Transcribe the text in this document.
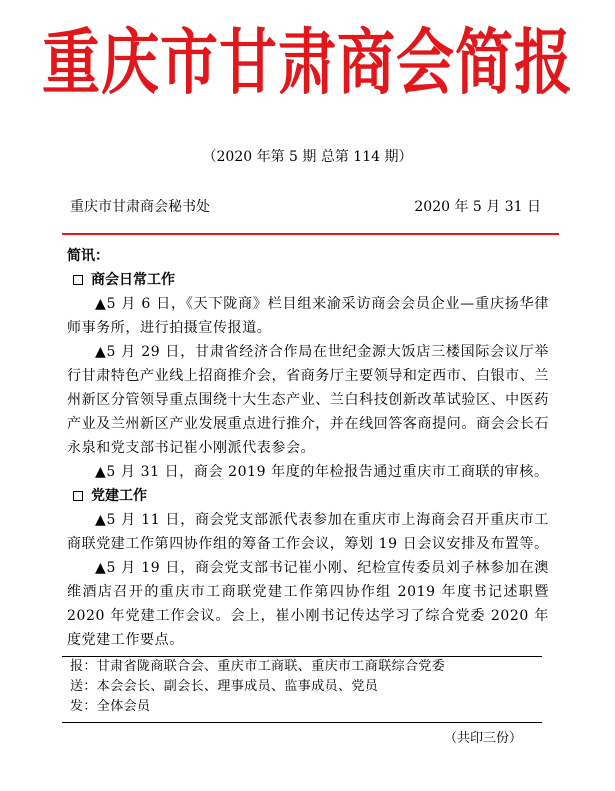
重庆市甘肃商会简报
（2020 年第 5 期 总第 114 期）
重庆市甘肃商会秘书处	2020 年 5 月 31 日
简讯：
商会日常工作

▲5 月 6 日，《天下陇商》栏目组来渝采访商会会员企业—重庆扬华律师事务所，进行拍摄宣传报道。

▲5 月 29 日，甘肃省经济合作局在世纪金源大饭店三楼国际会议厅举行甘肃特色产业线上招商推介会，省商务厅主要领导和定西市、白银市、兰州新区分管领导重点围绕十大生态产业、兰白科技创新改革试验区、中医药产业及兰州新区产业发展重点进行推介，并在线回答客商提问。商会会长石永泉和党支部书记崔小刚派代表参会。

▲5 月 31 日，商会 2019 年度的年检报告通过重庆市工商联的审核。

党建工作

▲5 月 11 日，商会党支部派代表参加在重庆市上海商会召开重庆市工商联党建工作第四协作组的筹备工作会议，筹划 19 日会议安排及布置等。

▲5 月 19 日，商会党支部书记崔小刚、纪检宣传委员刘子林参加在澳维酒店召开的重庆市工商联党建工作第四协作组 2019 年度书记述职暨 2020 年党建工作会议。会上，崔小刚书记传达学习了综合党委 2020 年度党建工作要点。

报：甘肃省陇商联合会、重庆市工商联、重庆市工商联综合党委

送：本会会长、副会长、理事成员、监事成员、党员

发：全体会员

（共印三份）
